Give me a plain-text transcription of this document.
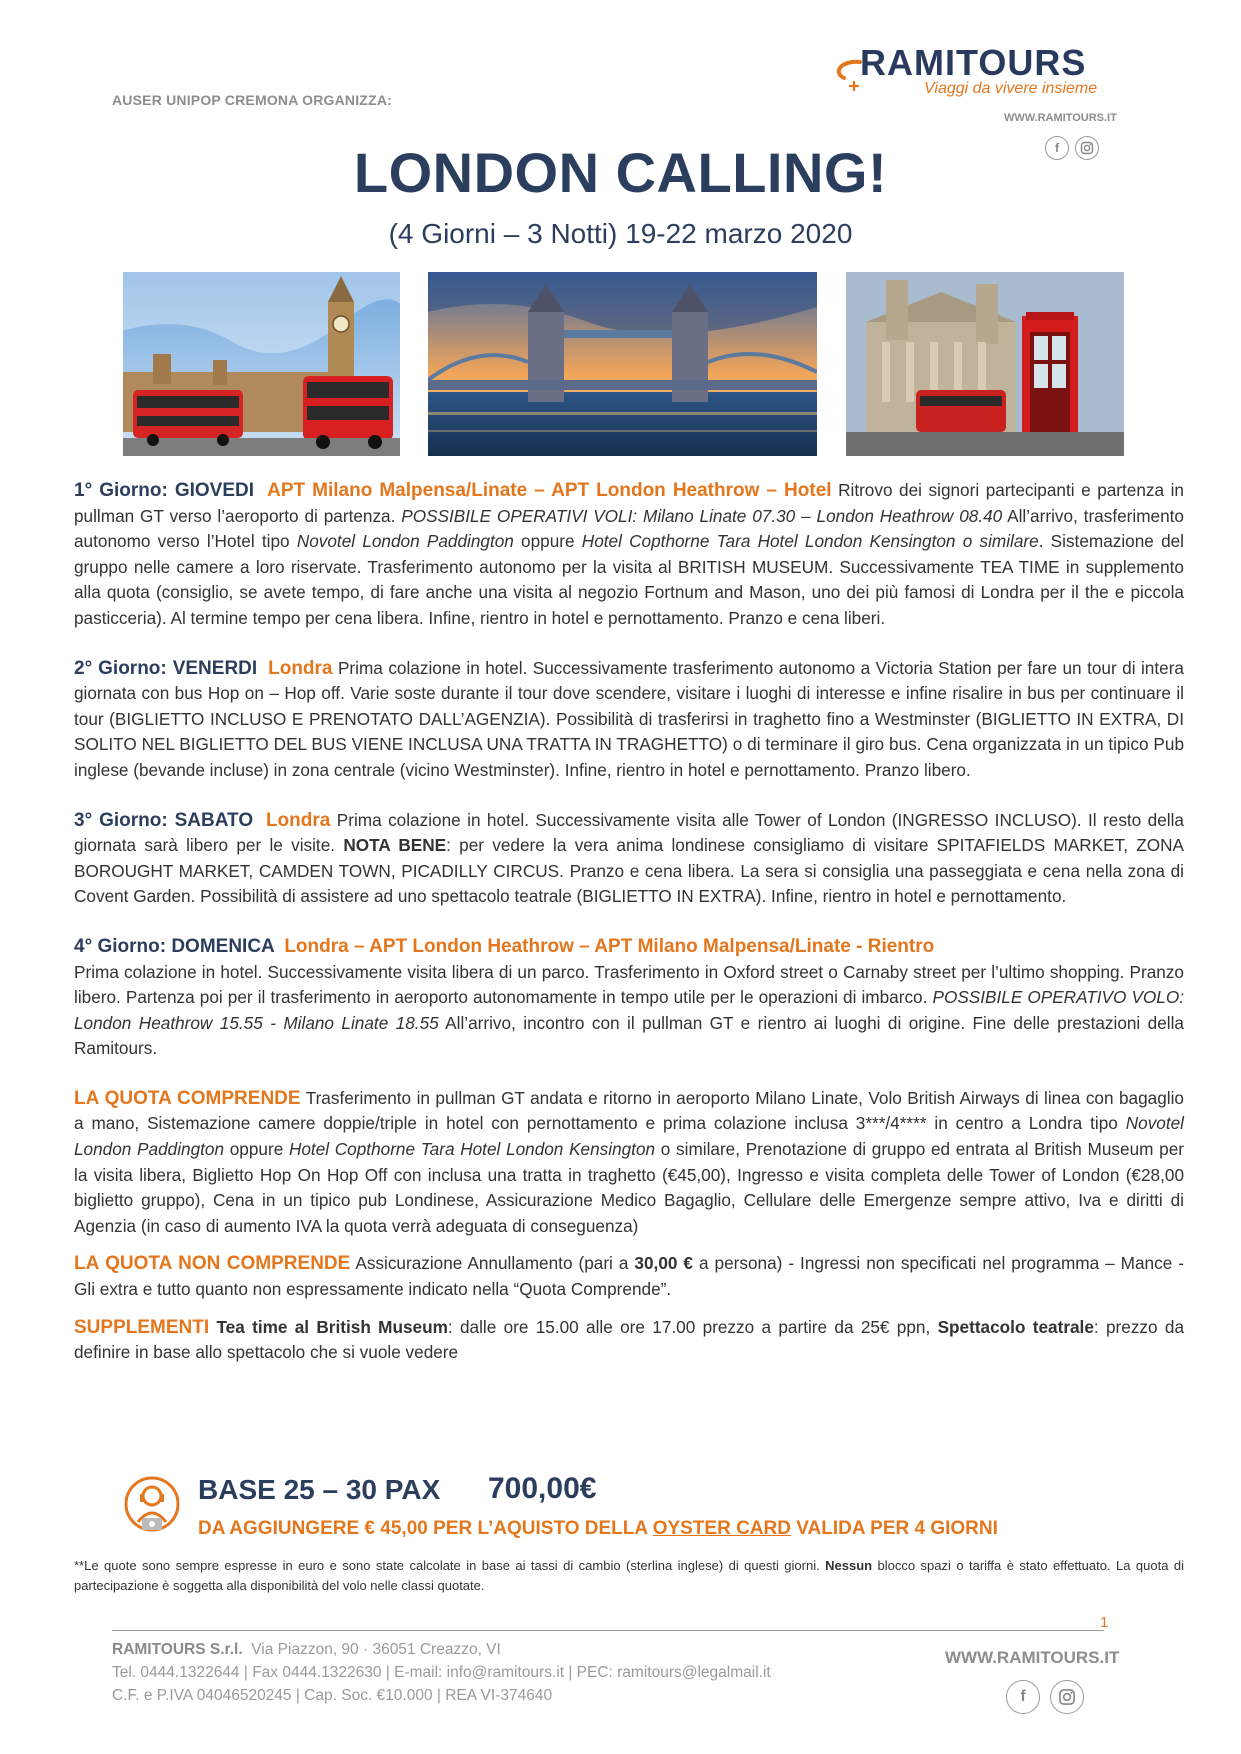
AUSER UNIPOP CREMONA ORGANIZZA:
RAMITOURS
Viaggi da vivere insieme
WWW.RAMITOURS.IT
f
LONDON CALLING!
(4 Giorni – 3 Notti) 19-22 marzo 2020

1° Giorno: GIOVEDI APT Milano Malpensa/Linate – APT London Heathrow – Hotel Ritrovo dei signori partecipanti e partenza in pullman GT verso l’aeroporto di partenza. POSSIBILE OPERATIVI VOLI: Milano Linate 07.30 – London Heathrow 08.40 All’arrivo, trasferimento autonomo verso l’Hotel tipo Novotel London Paddington oppure Hotel Copthorne Tara Hotel London Kensington o similare. Sistemazione del gruppo nelle camere a loro riservate. Trasferimento autonomo per la visita al BRITISH MUSEUM. Successivamente TEA TIME in supplemento alla quota (consiglio, se avete tempo, di fare anche una visita al negozio Fortnum and Mason, uno dei più famosi di Londra per il the e piccola pasticceria). Al termine tempo per cena libera. Infine, rientro in hotel e pernottamento. Pranzo e cena liberi.

2° Giorno: VENERDI Londra Prima colazione in hotel. Successivamente trasferimento autonomo a Victoria Station per fare un tour di intera giornata con bus Hop on – Hop off. Varie soste durante il tour dove scendere, visitare i luoghi di interesse e infine risalire in bus per continuare il tour (BIGLIETTO INCLUSO E PRENOTATO DALL’AGENZIA). Possibilità di trasferirsi in traghetto fino a Westminster (BIGLIETTO IN EXTRA, DI SOLITO NEL BIGLIETTO DEL BUS VIENE INCLUSA UNA TRATTA IN TRAGHETTO) o di terminare il giro bus. Cena organizzata in un tipico Pub inglese (bevande incluse) in zona centrale (vicino Westminster). Infine, rientro in hotel e pernottamento. Pranzo libero.

3° Giorno: SABATO Londra Prima colazione in hotel. Successivamente visita alle Tower of London (INGRESSO INCLUSO). Il resto della giornata sarà libero per le visite. NOTA BENE: per vedere la vera anima londinese consigliamo di visitare SPITAFIELDS MARKET, ZONA BOROUGHT MARKET, CAMDEN TOWN, PICADILLY CIRCUS. Pranzo e cena libera. La sera si consiglia una passeggiata e cena nella zona di Covent Garden. Possibilità di assistere ad uno spettacolo teatrale (BIGLIETTO IN EXTRA). Infine, rientro in hotel e pernottamento.

4° Giorno: DOMENICA Londra – APT London Heathrow – APT Milano Malpensa/Linate - Rientro
Prima colazione in hotel. Successivamente visita libera di un parco. Trasferimento in Oxford street o Carnaby street per l’ultimo shopping. Pranzo libero. Partenza poi per il trasferimento in aeroporto autonomamente in tempo utile per le operazioni di imbarco. POSSIBILE OPERATIVO VOLO: London Heathrow 15.55 - Milano Linate 18.55 All’arrivo, incontro con il pullman GT e rientro ai luoghi di origine. Fine delle prestazioni della Ramitours.

LA QUOTA COMPRENDE Trasferimento in pullman GT andata e ritorno in aeroporto Milano Linate, Volo British Airways di linea con bagaglio a mano, Sistemazione camere doppie/triple in hotel con pernottamento e prima colazione inclusa 3***/4**** in centro a Londra tipo Novotel London Paddington oppure Hotel Copthorne Tara Hotel London Kensington o similare, Prenotazione di gruppo ed entrata al British Museum per la visita libera, Biglietto Hop On Hop Off con inclusa una tratta in traghetto (€45,00), Ingresso e visita completa delle Tower of London (€28,00 biglietto gruppo), Cena in un tipico pub Londinese, Assicurazione Medico Bagaglio, Cellulare delle Emergenze sempre attivo, Iva e diritti di Agenzia (in caso di aumento IVA la quota verrà adeguata di conseguenza)

LA QUOTA NON COMPRENDE Assicurazione Annullamento (pari a 30,00 € a persona) - Ingressi non specificati nel programma – Mance - Gli extra e tutto quanto non espressamente indicato nella “Quota Comprende”.

SUPPLEMENTI Tea time al British Museum: dalle ore 15.00 alle ore 17.00 prezzo a partire da 25€ ppn, Spettacolo teatrale: prezzo da definire in base allo spettacolo che si vuole vedere

BASE 25 – 30 PAX 700,00€
DA AGGIUNGERE € 45,00 PER L’AQUISTO DELLA OYSTER CARD VALIDA PER 4 GIORNI

**Le quote sono sempre espresse in euro e sono state calcolate in base ai tassi di cambio (sterlina inglese) di questi giorni. Nessun blocco spazi o tariffa è stato effettuato. La quota di partecipazione è soggetta alla disponibilità del volo nelle classi quotate.

1
RAMITOURS S.r.l. Via Piazzon, 90 · 36051 Creazzo, VI
Tel. 0444.1322644 | Fax 0444.1322630 | E-mail: info@ramitours.it | PEC: ramitours@legalmail.it
C.F. e P.IVA 04046520245 | Cap. Soc. €10.000 | REA VI-374640
WWW.RAMITOURS.IT
f
